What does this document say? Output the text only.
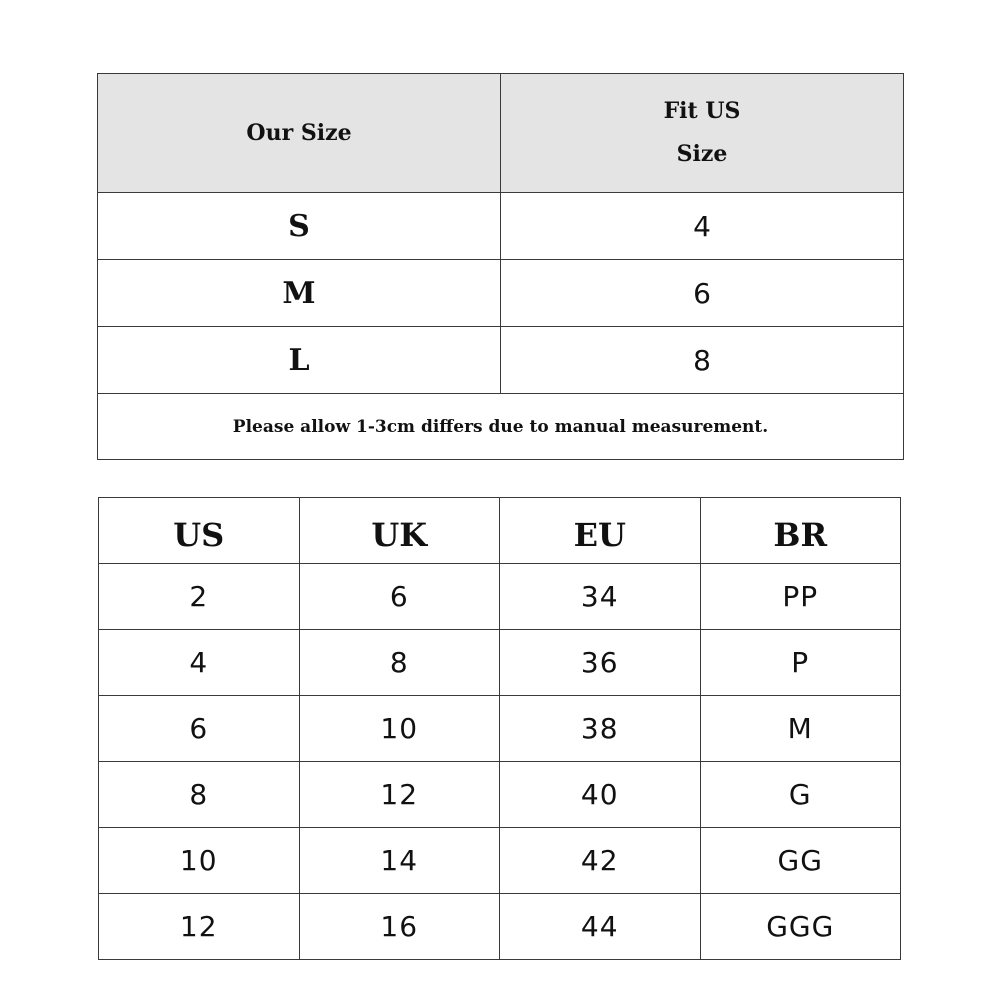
Our Size	Fit US
Size

S	4
M	6
L	8
Please allow 1-3cm differs due to manual measurement.	
US	UK	EU	BR
2	6	34	PP
4	8	36	P
6	10	38	M
8	12	40	G
10	14	42	GG
12	16	44	GGG
